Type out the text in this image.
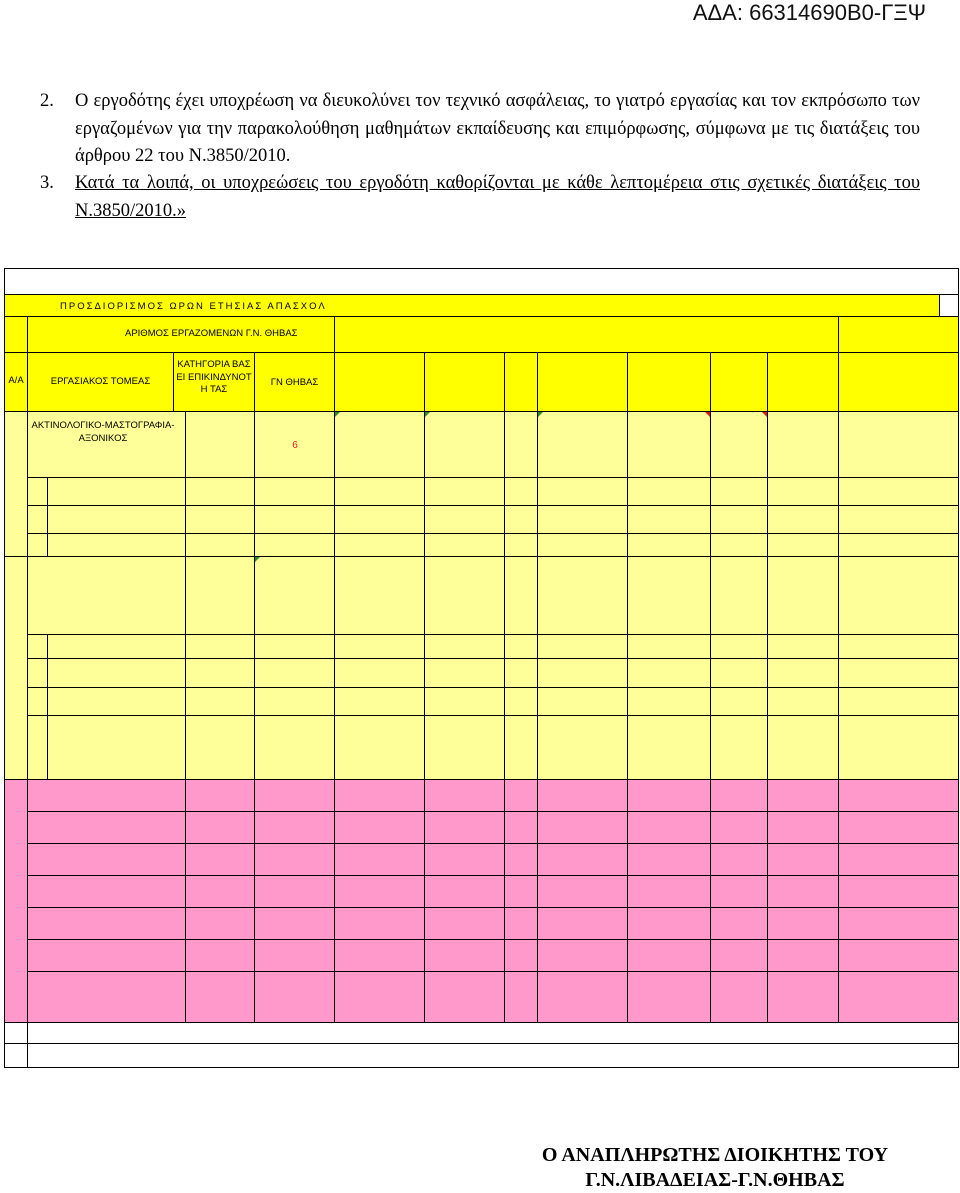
ΑΔΑ: 66314690Β0-ΓΞΨ
2. Ο εργοδότης έχει υποχρέωση να διευκολύνει τον τεχνικό ασφάλειας, το γιατρό εργασίας και τον εκπρόσωπο των εργαζομένων για την παρακολούθηση μαθημάτων εκπαίδευσης και επιμόρφωσης, σύμφωνα με τις διατάξεις του άρθρου 22 του Ν.3850/2010.
3. Κατά τα λοιπά, οι υποχρεώσεις του εργοδότη καθορίζονται με κάθε λεπτομέρεια στις σχετικές διατάξεις του Ν.3850/2010.»
ΠΡΟΣΔΙΟΡΙΣΜΟΣ ΩΡΩΝ ΕΤΗΣΙΑΣ ΑΠΑΣΧΟΛ
ΑΡΙΘΜΟΣ ΕΡΓΑΖΟΜΕΝΩΝ Γ.Ν. ΘΗΒΑΣ
Α/Α	ΕΡΓΑΣΙΑΚΟΣ ΤΟΜΕΑΣ
ΚΑΤΗΓΟΡΙΑ ΒΑΣΕΙ ΕΠΙΚΙΝΔΥΝΟΤΗ ΤΑΣ
ΓΝ ΘΗΒΑΣ
ΑΚΤΙΝΟΛΟΓΙΚΟ-ΜΑΣΤΟΓΡΑΦΙΑ-ΑΞΟΝΙΚΟΣ
6
Ο ΑΝΑΠΛΗΡΩΤΗΣ ΔΙΟΙΚΗΤΗΣ ΤΟΥ
Γ.Ν.ΛΙΒΑΔΕΙΑΣ-Γ.Ν.ΘΗΒΑΣ
